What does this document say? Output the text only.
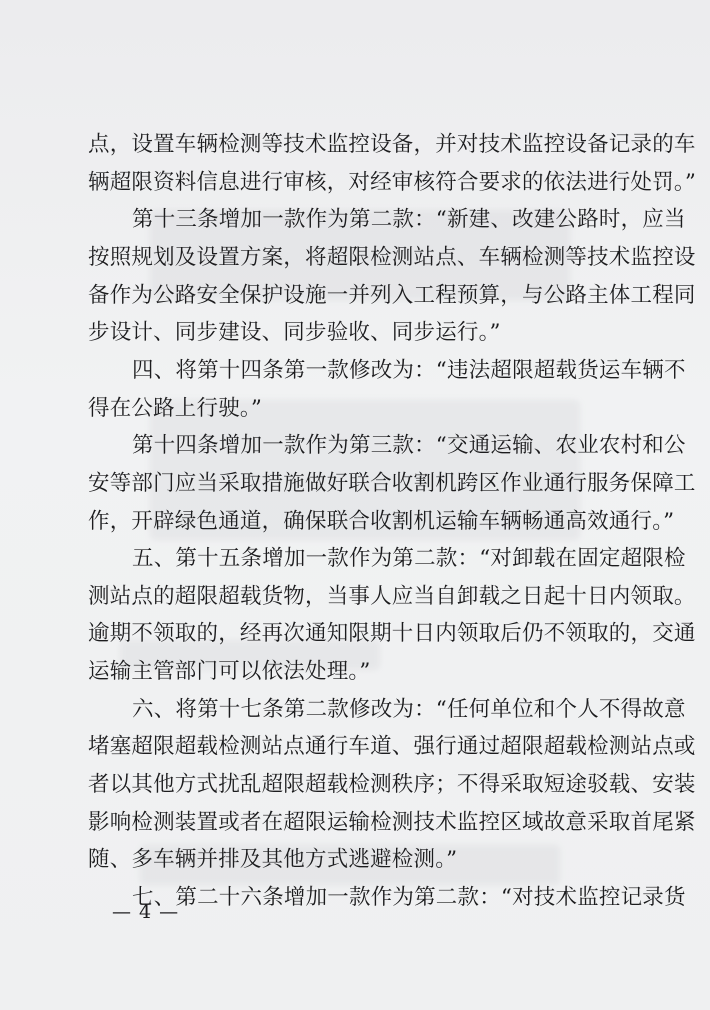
点，设置车辆检测等技术监控设备，并对技术监控设备记录的车
辆超限资料信息进行审核，对经审核符合要求的依法进行处罚。”
第十三条增加一款作为第二款：“新建、改建公路时，应当
按照规划及设置方案，将超限检测站点、车辆检测等技术监控设
备作为公路安全保护设施一并列入工程预算，与公路主体工程同
步设计、同步建设、同步验收、同步运行。”
四、将第十四条第一款修改为：“违法超限超载货运车辆不
得在公路上行驶。”
第十四条增加一款作为第三款：“交通运输、农业农村和公
安等部门应当采取措施做好联合收割机跨区作业通行服务保障工
作，开辟绿色通道，确保联合收割机运输车辆畅通高效通行。”
五、第十五条增加一款作为第二款：“对卸载在固定超限检
测站点的超限超载货物，当事人应当自卸载之日起十日内领取。
逾期不领取的，经再次通知限期十日内领取后仍不领取的，交通
运输主管部门可以依法处理。”
六、将第十七条第二款修改为：“任何单位和个人不得故意
堵塞超限超载检测站点通行车道、强行通过超限超载检测站点或
者以其他方式扰乱超限超载检测秩序；不得采取短途驳载、安装
影响检测装置或者在超限运输检测技术监控区域故意采取首尾紧
随、多车辆并排及其他方式逃避检测。”
七、第二十六条增加一款作为第二款：“对技术监控记录货
— 4 —
